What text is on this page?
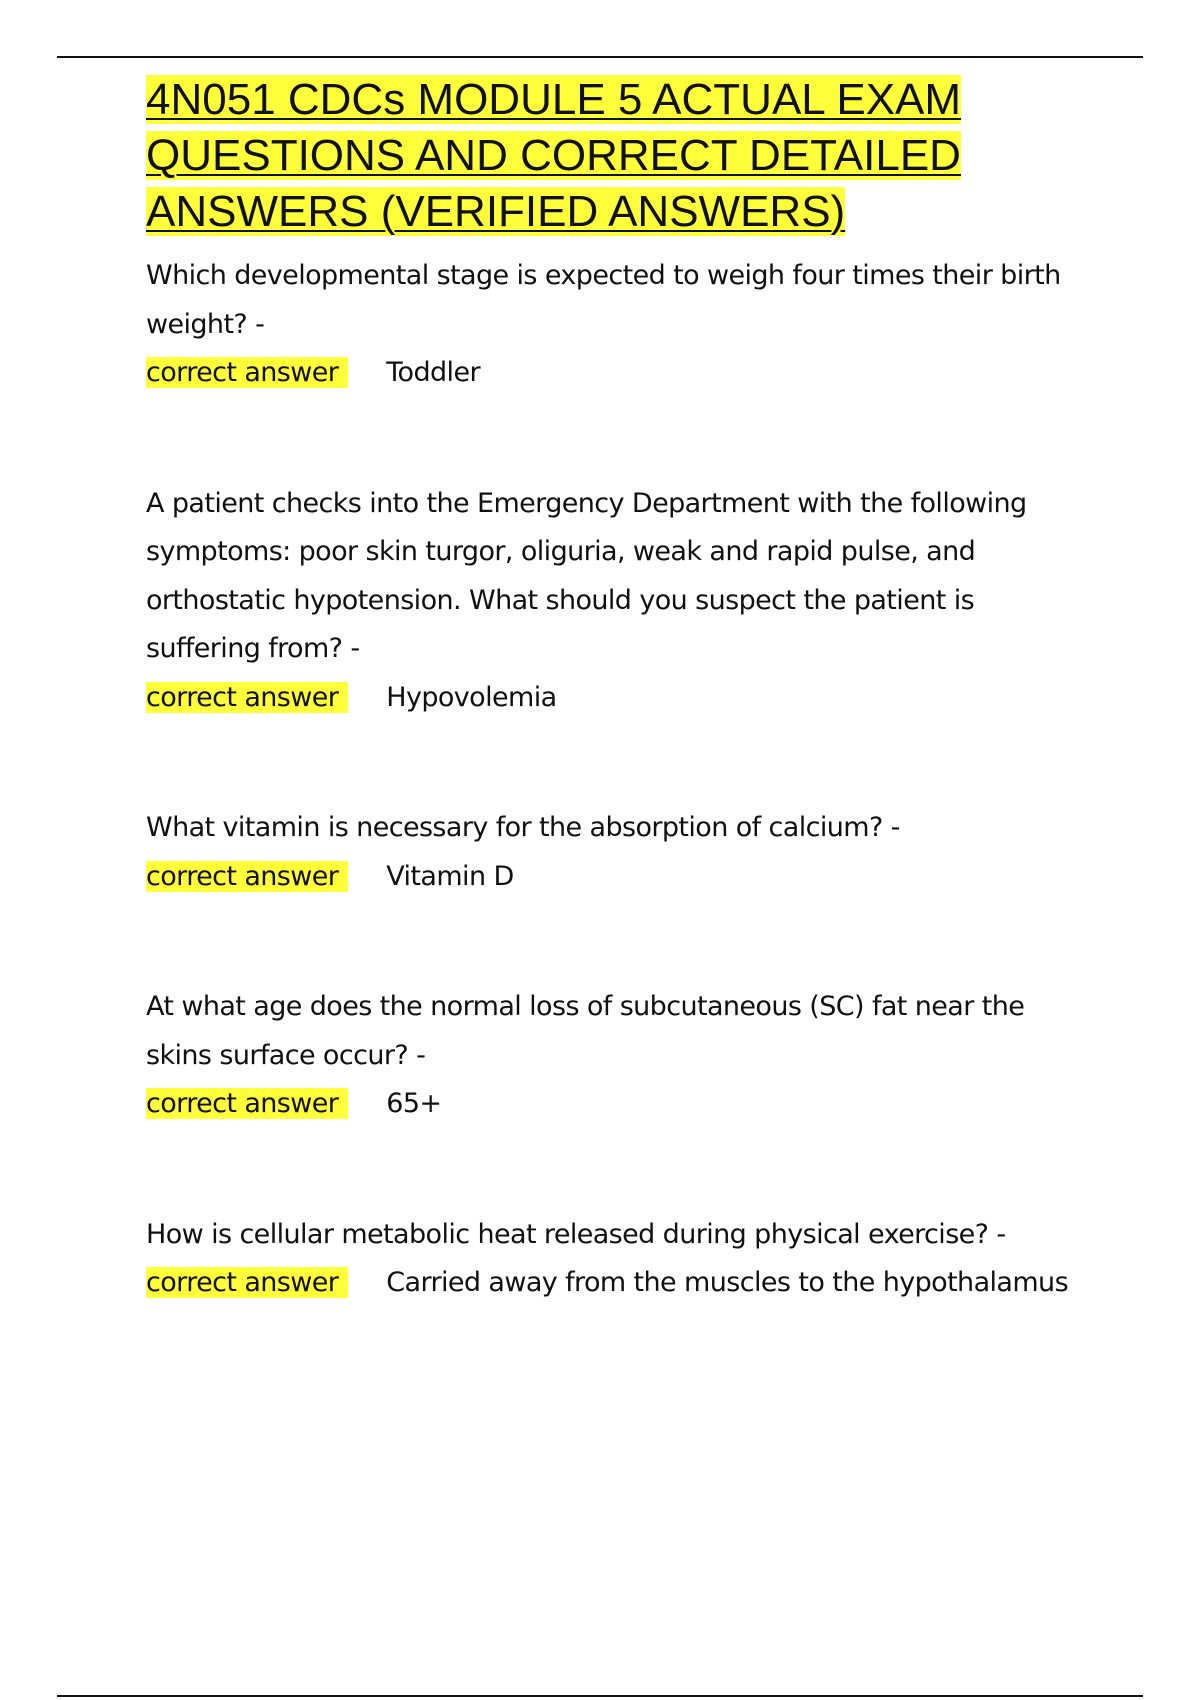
4N051 CDCs MODULE 5 ACTUAL EXAM QUESTIONS AND CORRECT DETAILED ANSWERS (VERIFIED ANSWERS)
Which developmental stage is expected to weigh four times their birth weight? -
correct answer Toddler
A patient checks into the Emergency Department with the following symptoms: poor skin turgor, oliguria, weak and rapid pulse, and orthostatic hypotension. What should you suspect the patient is suffering from? -
correct answer Hypovolemia
What vitamin is necessary for the absorption of calcium? -
correct answer Vitamin D
At what age does the normal loss of subcutaneous (SC) fat near the skins surface occur? -
correct answer 65+
How is cellular metabolic heat released during physical exercise? -
correct answer Carried away from the muscles to the hypothalamus
